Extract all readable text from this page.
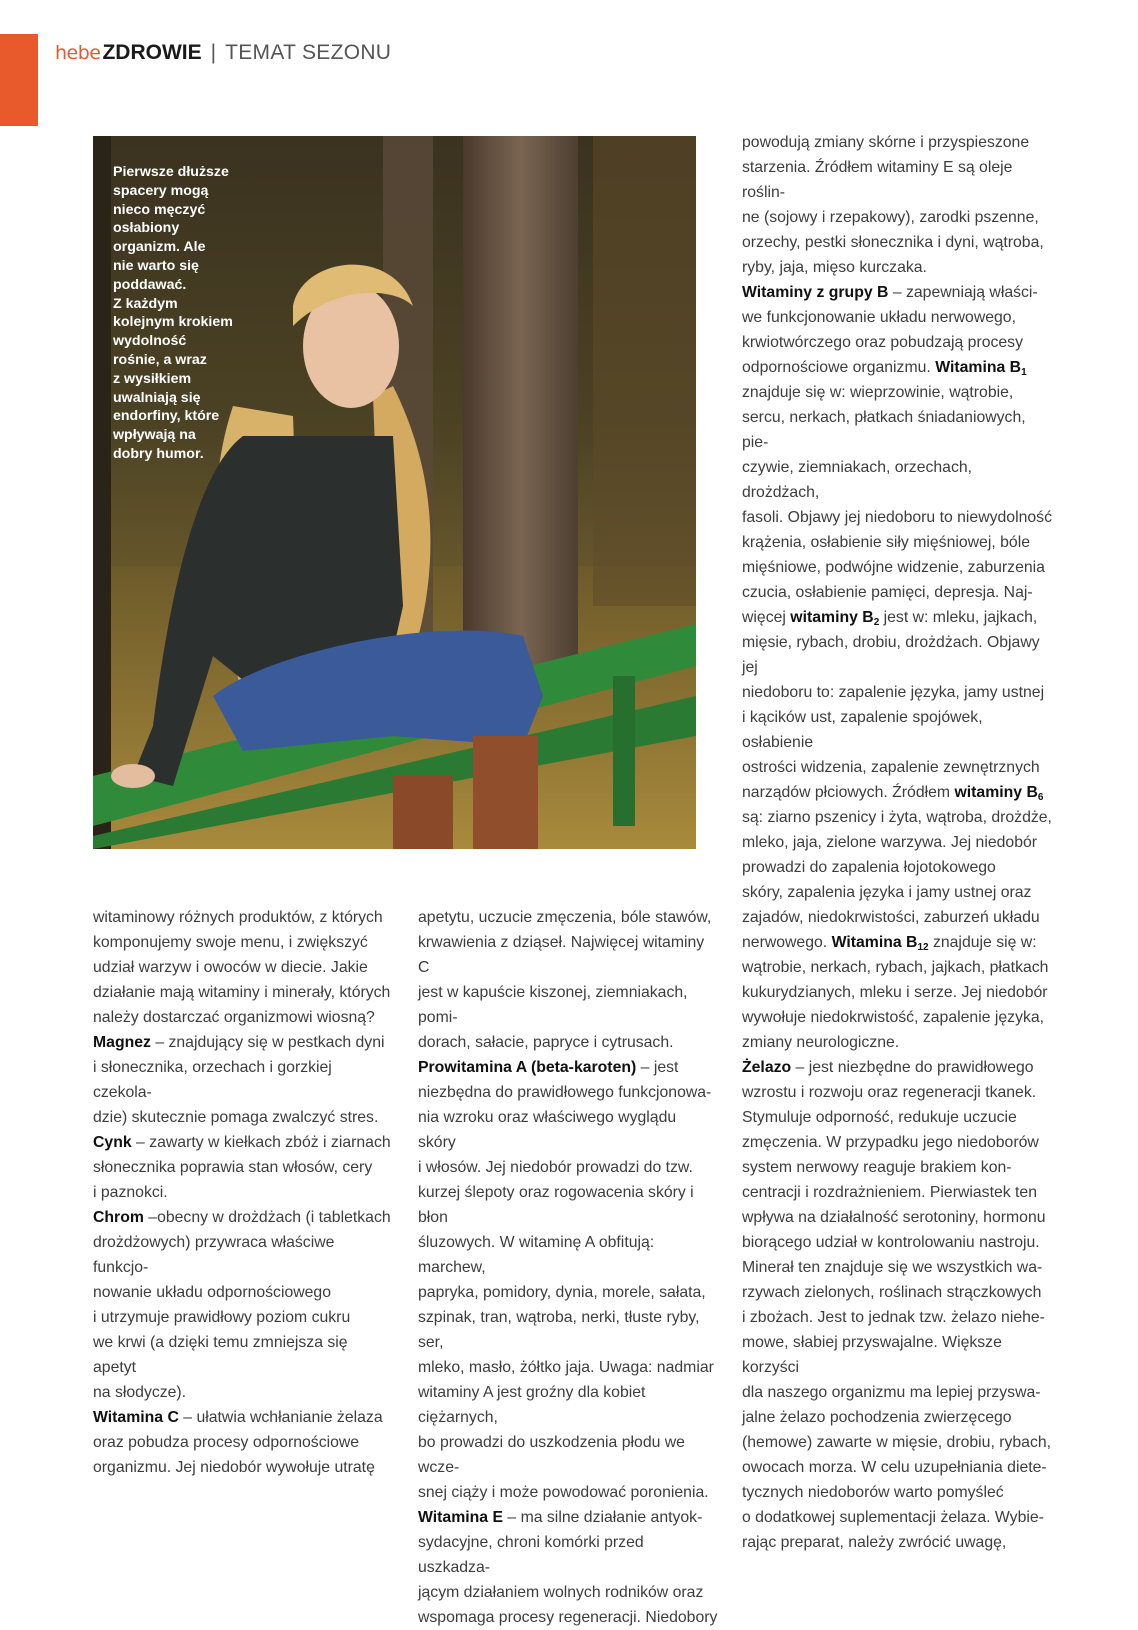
hebe ZDROWIE | TEMAT SEZONU
Pierwsze dłuższe
spacery mogą
nieco męczyć
osłabiony
organizm. Ale
nie warto się
poddawać.
Z każdym
kolejnym krokiem
wydolność
rośnie, a wraz
z wysiłkiem
uwalniają się
endorfiny, które
wpływają na
dobry humor.

witaminowy różnych produktów, z których
komponujemy swoje menu, i zwiększyć
udział warzyw i owoców w diecie. Jakie
działanie mają witaminy i minerały, których
należy dostarczać organizmowi wiosną?

Magnez – znajdujący się w pestkach dyni
i słonecznika, orzechach i gorzkiej czekola-
dzie) skutecznie pomaga zwalczyć stres.

Cynk – zawarty w kiełkach zbóż i ziarnach
słonecznika poprawia stan włosów, cery
i paznokci.

Chrom –obecny w drożdżach (i tabletkach
drożdżowych) przywraca właściwe funkcjo-
nowanie układu odpornościowego
i utrzymuje prawidłowy poziom cukru
we krwi (a dzięki temu zmniejsza się apetyt
na słodycze).

Witamina C – ułatwia wchłanianie żelaza
oraz pobudza procesy odpornościowe
organizmu. Jej niedobór wywołuje utratę

apetytu, uczucie zmęczenia, bóle stawów,
krwawienia z dziąseł. Najwięcej witaminy C
jest w kapuście kiszonej, ziemniakach, pomi-
dorach, sałacie, papryce i cytrusach.

Prowitamina A (beta-karoten) – jest
niezbędna do prawidłowego funkcjonowa-
nia wzroku oraz właściwego wyglądu skóry
i włosów. Jej niedobór prowadzi do tzw.
kurzej ślepoty oraz rogowacenia skóry i błon
śluzowych. W witaminę A obfitują: marchew,
papryka, pomidory, dynia, morele, sałata,
szpinak, tran, wątroba, nerki, tłuste ryby, ser,
mleko, masło, żółtko jaja. Uwaga: nadmiar
witaminy A jest groźny dla kobiet ciężarnych,
bo prowadzi do uszkodzenia płodu we wcze-
snej ciąży i może powodować poronienia.

Witamina E – ma silne działanie antyok-
sydacyjne, chroni komórki przed uszkadza-
jącym działaniem wolnych rodników oraz
wspomaga procesy regeneracji. Niedobory

powodują zmiany skórne i przyspieszone
starzenia. Źródłem witaminy E są oleje roślin-
ne (sojowy i rzepakowy), zarodki pszenne,
orzechy, pestki słonecznika i dyni, wątroba,
ryby, jaja, mięso kurczaka.

Witaminy z grupy B – zapewniają właści-
we funkcjonowanie układu nerwowego,
krwiotwórczego oraz pobudzają procesy
odpornościowe organizmu. Witamina $B_1$
znajduje się w: wieprzowinie, wątrobie,
sercu, nerkach, płatkach śniadaniowych, pie-
czywie, ziemniakach, orzechach, drożdżach,
fasoli. Objawy jej niedoboru to niewydolność
krążenia, osłabienie siły mięśniowej, bóle
mięśniowe, podwójne widzenie, zaburzenia
czucia, osłabienie pamięci, depresja. Naj-
więcej witaminy $B_2$ jest w: mleku, jajkach,
mięsie, rybach, drobiu, drożdżach. Objawy jej
niedoboru to: zapalenie języka, jamy ustnej
i kącików ust, zapalenie spojówek, osłabienie
ostrości widzenia, zapalenie zewnętrznych
narządów płciowych. Źródłem witaminy $B_6$
są: ziarno pszenicy i żyta, wątroba, drożdże,
mleko, jaja, zielone warzywa. Jej niedobór
prowadzi do zapalenia łojotokowego
skóry, zapalenia języka i jamy ustnej oraz
zajadów, niedokrwistości, zaburzeń układu
nerwowego. Witamina $B_{12}$ znajduje się w:
wątrobie, nerkach, rybach, jajkach, płatkach
kukurydzianych, mleku i serze. Jej niedobór
wywołuje niedokrwistość, zapalenie języka,
zmiany neurologiczne.

Żelazo – jest niezbędne do prawidłowego
wzrostu i rozwoju oraz regeneracji tkanek.
Stymuluje odporność, redukuje uczucie
zmęczenia. W przypadku jego niedoborów
system nerwowy reaguje brakiem kon-
centracji i rozdrażnieniem. Pierwiastek ten
wpływa na działalność serotoniny, hormonu
biorącego udział w kontrolowaniu nastroju.
Minerał ten znajduje się we wszystkich wa-
rzywach zielonych, roślinach strączkowych
i zbożach. Jest to jednak tzw. żelazo niehe-
mowe, słabiej przyswajalne. Większe korzyści
dla naszego organizmu ma lepiej przyswa-
jalne żelazo pochodzenia zwierzęcego
(hemowe) zawarte w mięsie, drobiu, rybach,
owocach morza. W celu uzupełniania diete-
tycznych niedoborów warto pomyśleć
o dodatkowej suplementacji żelaza. Wybie-
rając preparat, należy zwrócić uwagę,
